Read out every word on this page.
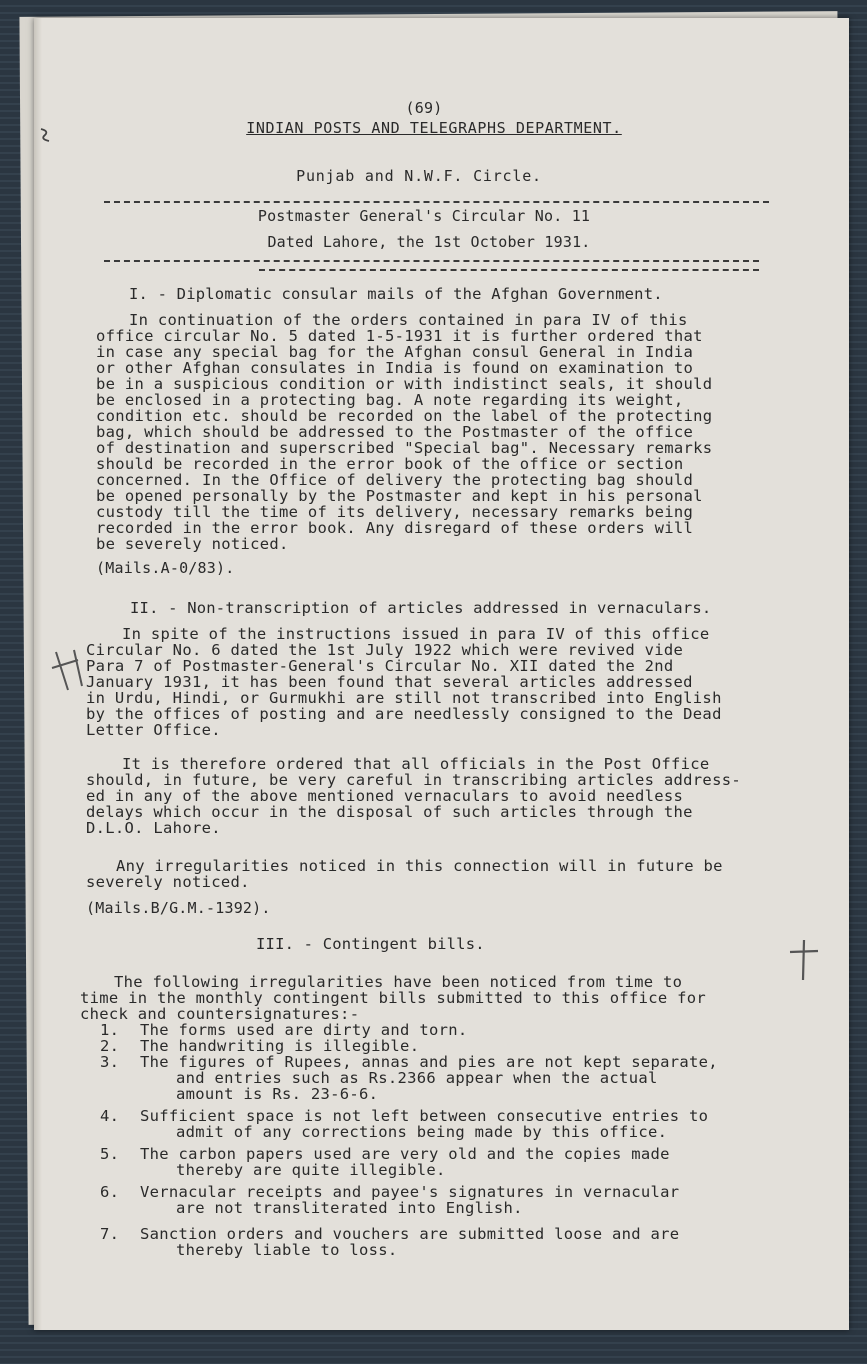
(69)
INDIAN POSTS AND TELEGRAPHS DEPARTMENT.
Punjab and N.W.F. Circle.
Postmaster General's Circular No. 11
Dated Lahore, the 1st October 1931.
I. - Diplomatic consular mails of the Afghan Government.
In continuation of the orders contained in para IV of this
office circular No. 5 dated 1-5-1931 it is further ordered that
in case any special bag for the Afghan consul General in India
or other Afghan consulates in India is found on examination to
be in a suspicious condition or with indistinct seals, it should
be enclosed in a protecting bag. A note regarding its weight,
condition etc. should be recorded on the label of the protecting
bag, which should be addressed to the Postmaster of the office
of destination and superscribed "Special bag". Necessary remarks
should be recorded in the error book of the office or section
concerned. In the Office of delivery the protecting bag should
be opened personally by the Postmaster and kept in his personal
custody till the time of its delivery, necessary remarks being
recorded in the error book. Any disregard of these orders will
be severely noticed.
(Mails.A-0/83).
II. - Non-transcription of articles addressed in vernaculars.
In spite of the instructions issued in para IV of this office
Circular No. 6 dated the 1st July 1922 which were revived vide
Para 7 of Postmaster-General's Circular No. XII dated the 2nd
January 1931, it has been found that several articles addressed
in Urdu, Hindi, or Gurmukhi are still not transcribed into English
by the offices of posting and are needlessly consigned to the Dead
Letter Office.
It is therefore ordered that all officials in the Post Office
should, in future, be very careful in transcribing articles address-
ed in any of the above mentioned vernaculars to avoid needless
delays which occur in the disposal of such articles through the
D.L.O. Lahore.
Any irregularities noticed in this connection will in future be
severely noticed.
(Mails.B/G.M.-1392).
III. - Contingent bills.
The following irregularities have been noticed from time to
time in the monthly contingent bills submitted to this office for
check and countersignatures:-
1. The forms used are dirty and torn.
2. The handwriting is illegible.
3. The figures of Rupees, annas and pies are not kept separate,
and entries such as Rs.2366 appear when the actual
amount is Rs. 23-6-6.
4. Sufficient space is not left between consecutive entries to
admit of any corrections being made by this office.
5. The carbon papers used are very old and the copies made
thereby are quite illegible.
6. Vernacular receipts and payee's signatures in vernacular
are not transliterated into English.
7. Sanction orders and vouchers are submitted loose and are
thereby liable to loss.
